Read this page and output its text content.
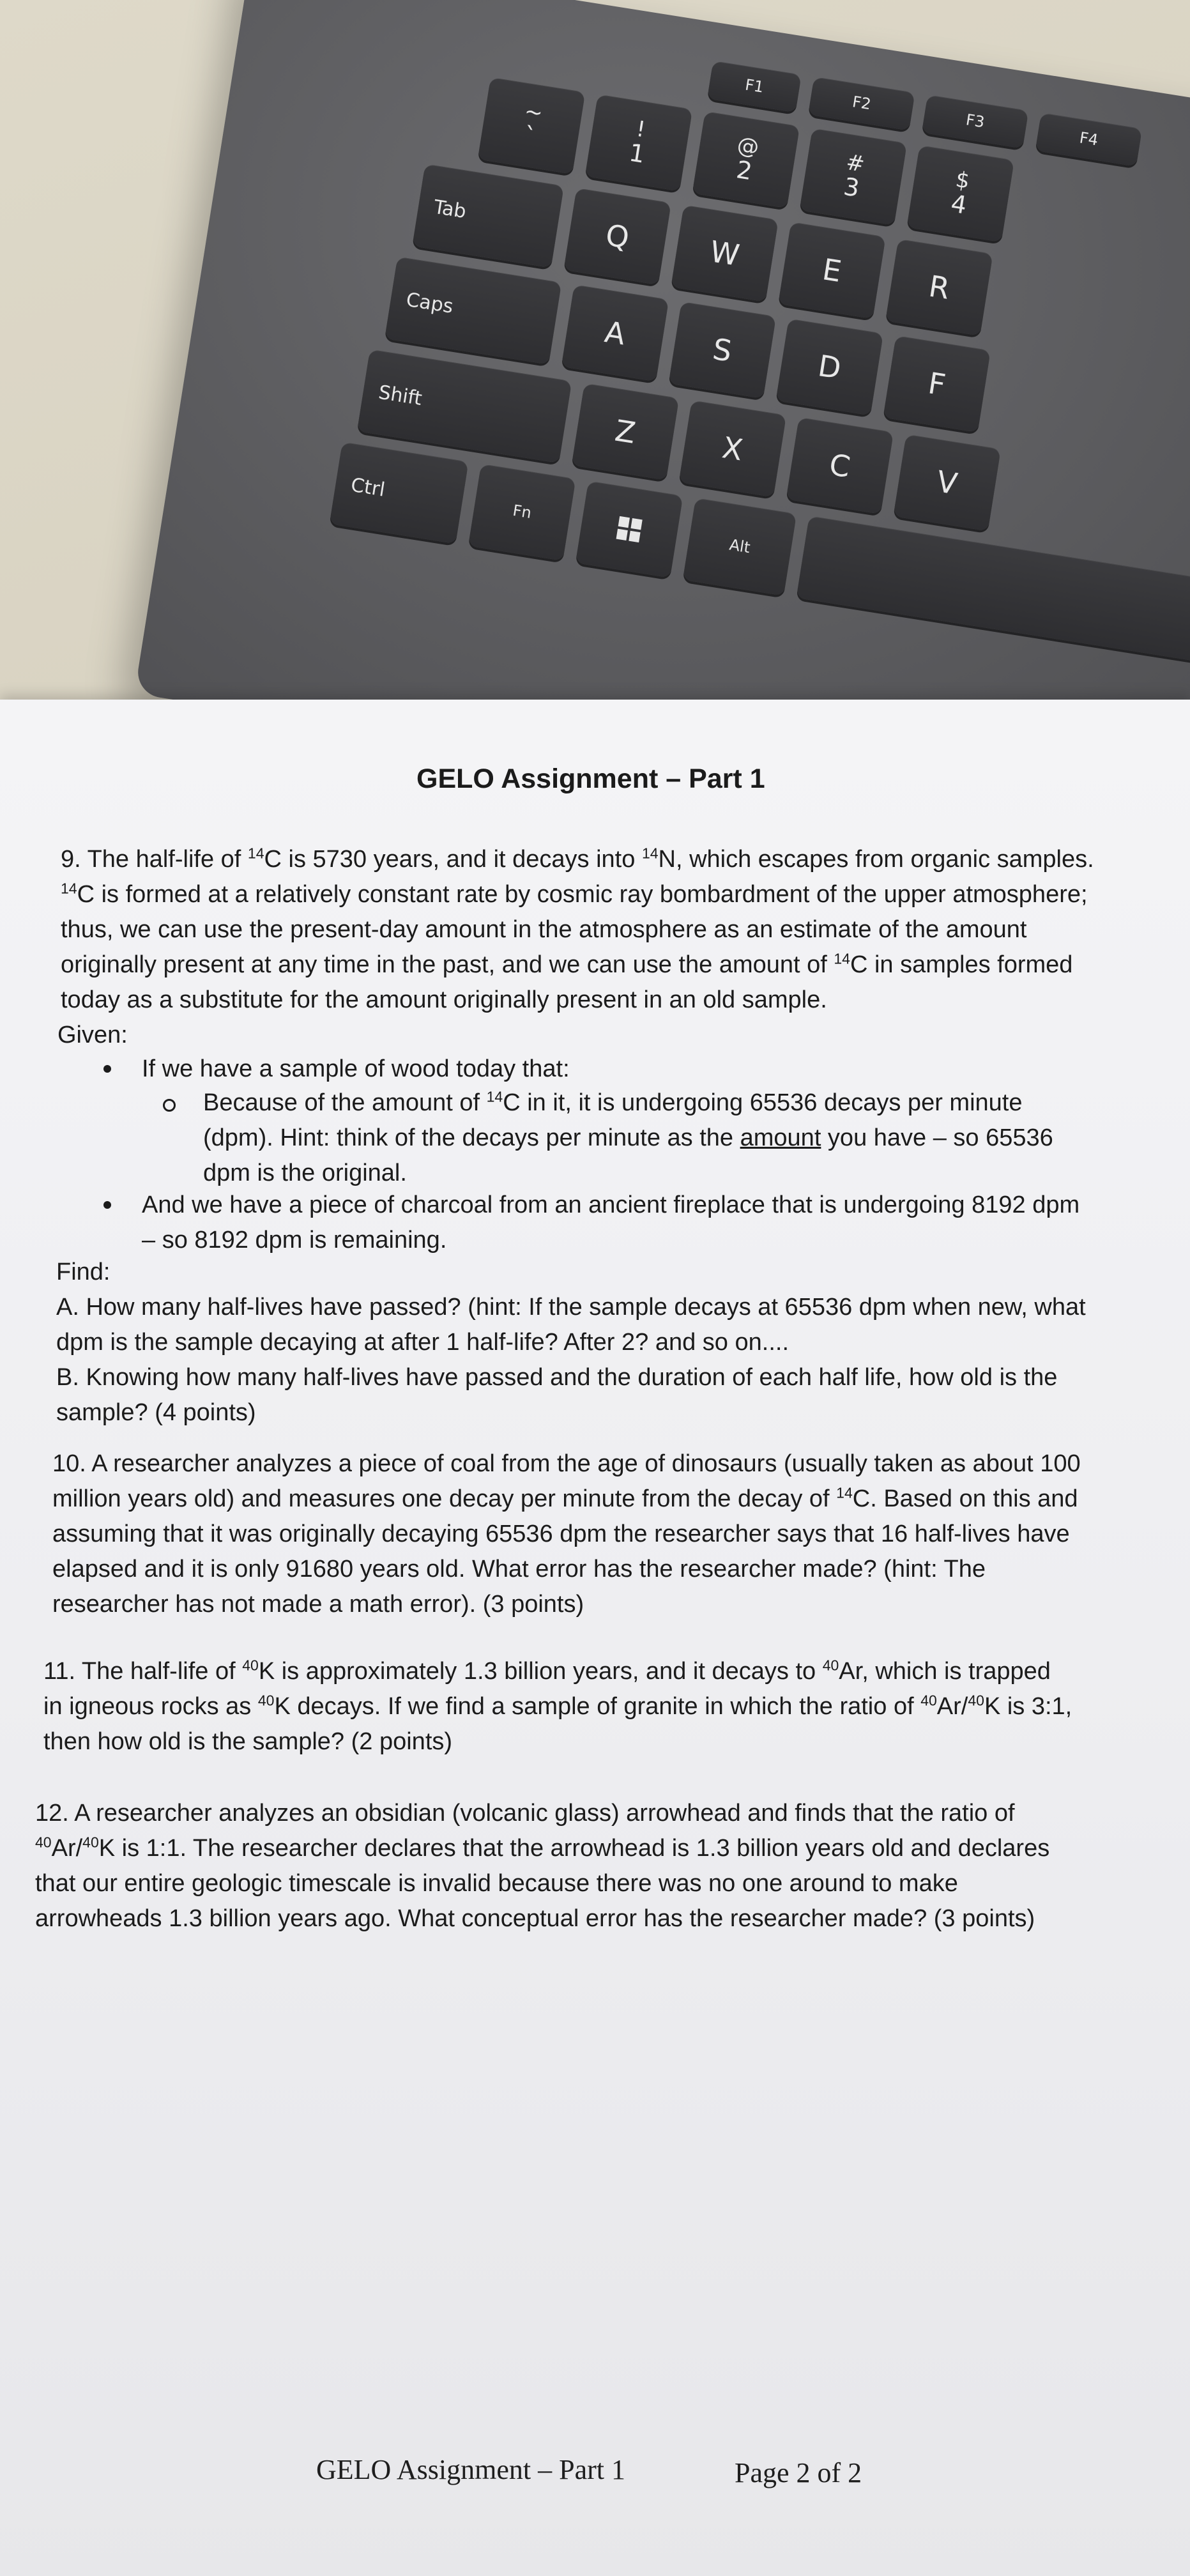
F1
F2
F3
F4
~
`	!
1	@
2	#
3	$
4
Tab
Q	W	E	R
Caps
A	S	D	F
Shift
Z	X	C	V
Ctrl
Fn
Alt
GELO Assignment – Part 1
9. The half-life of $^{14}$C is 5730 years, and it decays into $^{14}$N, which escapes from organic samples.
$^{14}$C is formed at a relatively constant rate by cosmic ray bombardment of the upper atmosphere;
thus, we can use the present-day amount in the atmosphere as an estimate of the amount
originally present at any time in the past, and we can use the amount of $^{14}$C in samples formed
today as a substitute for the amount originally present in an old sample.
Given:
If we have a sample of wood today that:
Because of the amount of $^{14}$C in it, it is undergoing 65536 decays per minute
(dpm). Hint: think of the decays per minute as the amount you have – so 65536
dpm is the original.
And we have a piece of charcoal from an ancient fireplace that is undergoing 8192 dpm
– so 8192 dpm is remaining.
Find:
A. How many half-lives have passed? (hint: If the sample decays at 65536 dpm when new, what
dpm is the sample decaying at after 1 half-life? After 2? and so on....
B. Knowing how many half-lives have passed and the duration of each half life, how old is the
sample? (4 points)
10. A researcher analyzes a piece of coal from the age of dinosaurs (usually taken as about 100
million years old) and measures one decay per minute from the decay of $^{14}$C. Based on this and
assuming that it was originally decaying 65536 dpm the researcher says that 16 half-lives have
elapsed and it is only 91680 years old. What error has the researcher made? (hint: The
researcher has not made a math error). (3 points)
11. The half-life of $^{40}$K is approximately 1.3 billion years, and it decays to $^{40}$Ar, which is trapped
in igneous rocks as $^{40}$K decays. If we find a sample of granite in which the ratio of $^{40}$Ar/$^{40}$K is 3:1,
then how old is the sample? (2 points)
12. A researcher analyzes an obsidian (volcanic glass) arrowhead and finds that the ratio of
$^{40}$Ar/$^{40}$K is 1:1. The researcher declares that the arrowhead is 1.3 billion years old and declares
that our entire geologic timescale is invalid because there was no one around to make
arrowheads 1.3 billion years ago. What conceptual error has the researcher made? (3 points)
GELO Assignment – Part 1	Page 2 of 2
